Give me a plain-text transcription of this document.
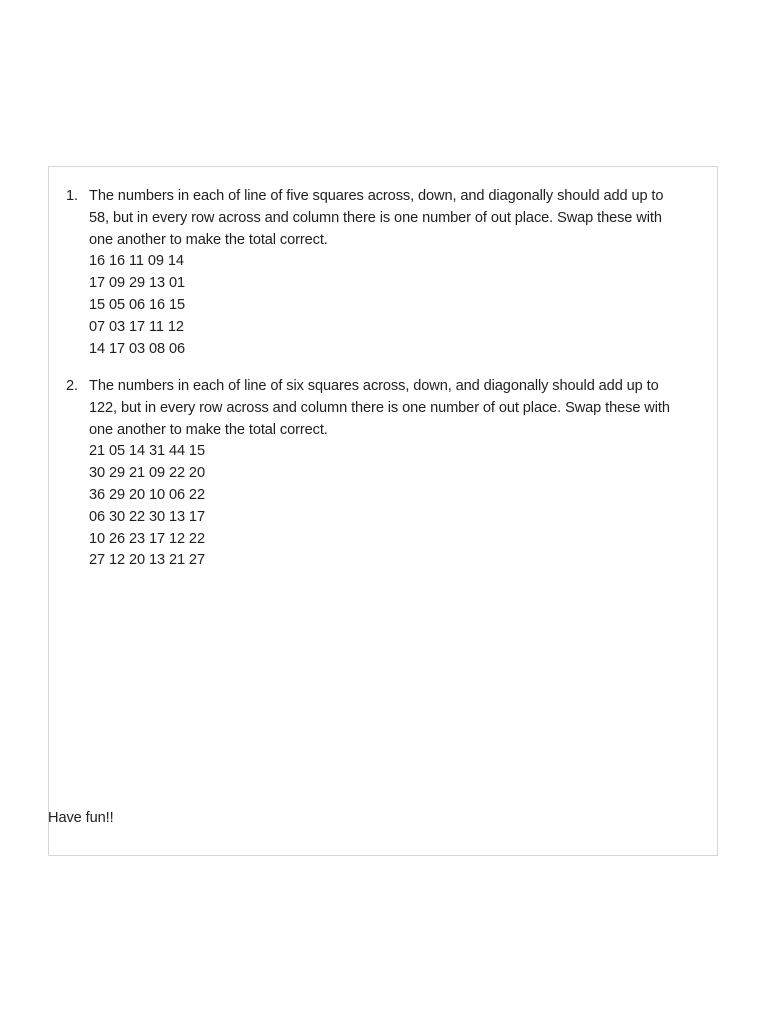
1. The numbers in each of line of five squares across, down, and diagonally should add up to
58, but in every row across and column there is one number of out place. Swap these with
one another to make the total correct.
16 16 11 09 14
17 09 29 13 01
15 05 06 16 15
07 03 17 11 12
14 17 03 08 06
2. The numbers in each of line of six squares across, down, and diagonally should add up to
122, but in every row across and column there is one number of out place. Swap these with
one another to make the total correct.
21 05 14 31 44 15
30 29 21 09 22 20
36 29 20 10 06 22
06 30 22 30 13 17
10 26 23 17 12 22
27 12 20 13 21 27
Have fun!!
